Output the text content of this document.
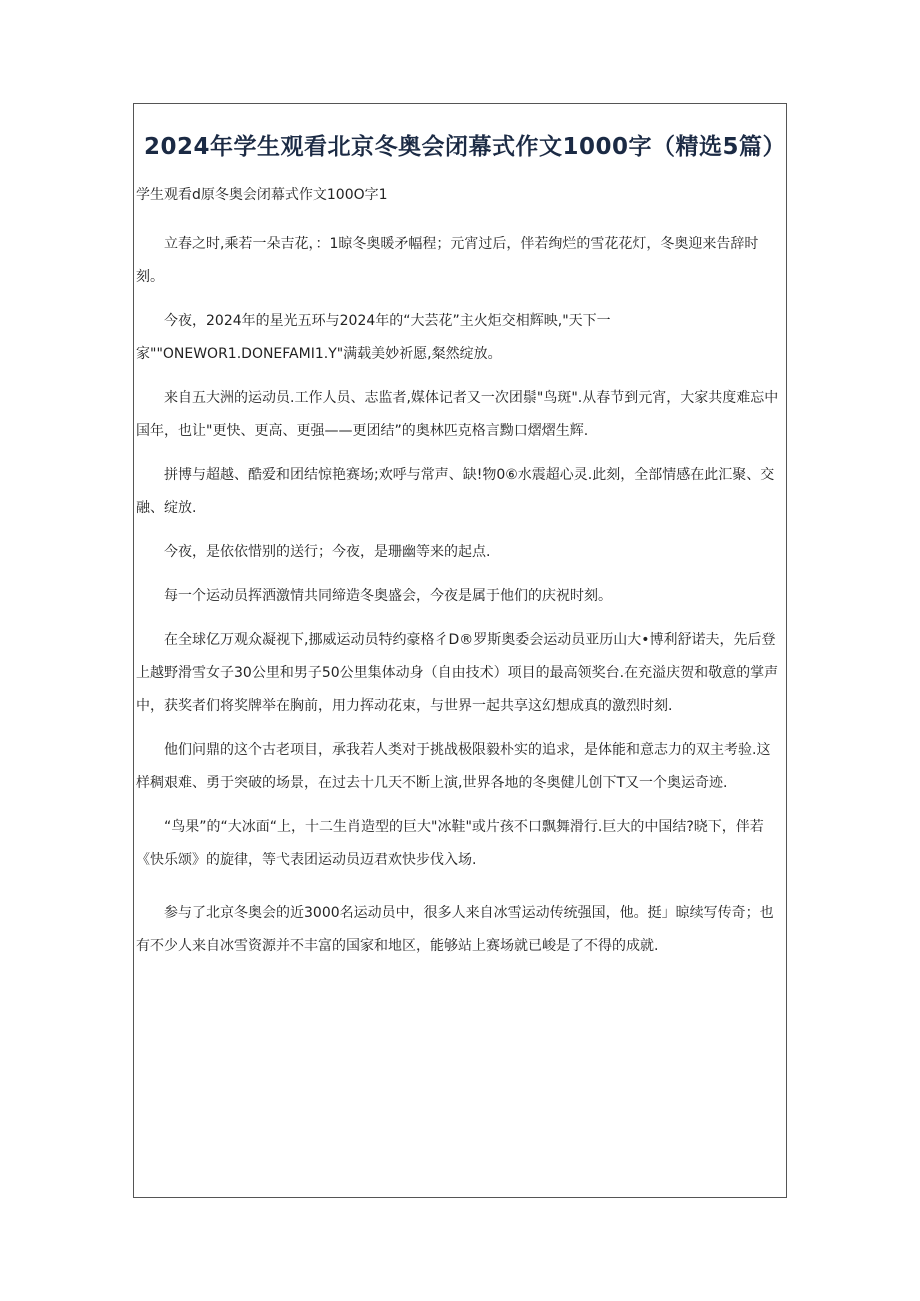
2024年学生观看北京冬奥会闭幕式作文1000字（精选5篇）
学生观看d原冬奥会闭幕式作文100O字1

立春之时,乘若一朵吉花，：1晾冬奥暖矛幅程；元宵过后，伴若绚烂的雪花花灯，冬奥迎来告辞时刻。

今夜，2024年的星光五环与2024年的“大芸花”主火炬交相辉映,"天下一家""ONEWOR1.DONEFAMI1.Y"满载美妙祈愿,粲然绽放。

来自五大洲的运动员.工作人员、志监者,媒体记者又一次团鬃"鸟斑".从春节到元宵，大家共度难忘中国年，也让"更快、更高、更强——更团结”的奥林匹克格言黝口熠熠生辉.

拼博与超越、酷爱和团结惊艳赛场;欢呼与常声、缺!物0⑥水震超心灵.此刻，全部情感在此汇聚、交融、绽放.

今夜，是依依惜别的送行；今夜，是珊幽等来的起点.

每一个运动员挥洒激情共同缔造冬奥盛会，今夜是属于他们的庆祝时刻。

在全球亿万观众凝视下,挪威运动员特约豪格彳D®罗斯奥委会运动员亚历山大•博利舒诺夫，先后登上越野滑雪女子30公里和男子50公里集体动身（自由技术）项目的最高领奖台.在充溢庆贺和敬意的掌声中，获奖者们将奖牌举在胸前，用力挥动花束，与世界一起共享这幻想成真的激烈时刻.

他们问鼎的这个古老项目，承我若人类对于挑战极限毅朴实的追求，是体能和意志力的双主考验.这样稠艰难、勇于突破的场景，在过去十几天不断上演,世界各地的冬奥健儿创下T又一个奥运奇迹.

“鸟果”的“大冰面“上，十二生肖造型的巨大"冰鞋"或片孩不口飘舞滑行.巨大的中国结?晓下，伴若《快乐颂》的旋律，等弋表团运动员迈君欢快步伐入场.

参与了北京冬奥会的近3000名运动员中，很多人来自冰雪运动传统强国，他。挺」晾续写传奇；也有不少人来自冰雪资源并不丰富的国家和地区，能够站上赛场就已峻是了不得的成就.
